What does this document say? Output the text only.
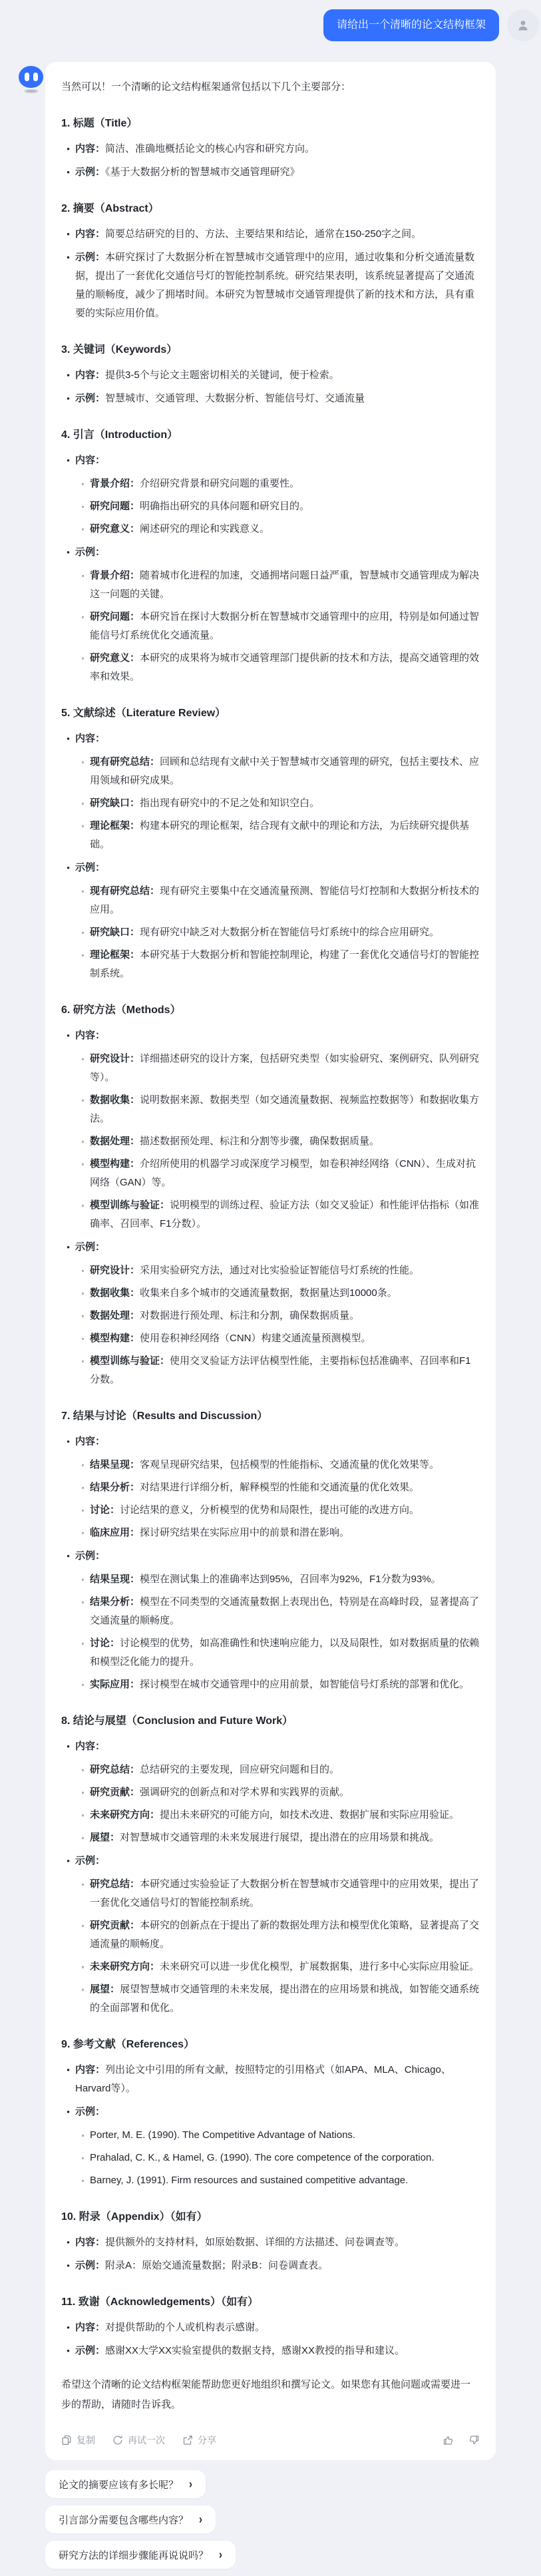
请给出一个清晰的论文结构框架
当然可以！一个清晰的论文结构框架通常包括以下几个主要部分：
1. 标题（Title）
• 内容：简洁、准确地概括论文的核心内容和研究方向。
• 示例：《基于大数据分析的智慧城市交通管理研究》
2. 摘要（Abstract）
• 内容：简要总结研究的目的、方法、主要结果和结论，通常在150-250字之间。
• 示例：本研究探讨了大数据分析在智慧城市交通管理中的应用，通过收集和分析交通流量数据，提出了一套优化交通信号灯的智能控制系统。研究结果表明，该系统显著提高了交通流量的顺畅度，减少了拥堵时间。本研究为智慧城市交通管理提供了新的技术和方法，具有重要的实际应用价值。
3. 关键词（Keywords）
• 内容：提供3-5个与论文主题密切相关的关键词，便于检索。
• 示例：智慧城市、交通管理、大数据分析、智能信号灯、交通流量
4. 引言（Introduction）
• 内容：
◦ 背景介绍：介绍研究背景和研究问题的重要性。
◦ 研究问题：明确指出研究的具体问题和研究目的。
◦ 研究意义：阐述研究的理论和实践意义。
• 示例：
◦ 背景介绍：随着城市化进程的加速，交通拥堵问题日益严重，智慧城市交通管理成为解决这一问题的关键。
◦ 研究问题：本研究旨在探讨大数据分析在智慧城市交通管理中的应用，特别是如何通过智能信号灯系统优化交通流量。
◦ 研究意义：本研究的成果将为城市交通管理部门提供新的技术和方法，提高交通管理的效率和效果。
5. 文献综述（Literature Review）
• 内容：
◦ 现有研究总结：回顾和总结现有文献中关于智慧城市交通管理的研究，包括主要技术、应用领域和研究成果。
◦ 研究缺口：指出现有研究中的不足之处和知识空白。
◦ 理论框架：构建本研究的理论框架，结合现有文献中的理论和方法，为后续研究提供基础。
• 示例：
◦ 现有研究总结：现有研究主要集中在交通流量预测、智能信号灯控制和大数据分析技术的应用。
◦ 研究缺口：现有研究中缺乏对大数据分析在智能信号灯系统中的综合应用研究。
◦ 理论框架：本研究基于大数据分析和智能控制理论，构建了一套优化交通信号灯的智能控制系统。
6. 研究方法（Methods）
• 内容：
◦ 研究设计：详细描述研究的设计方案，包括研究类型（如实验研究、案例研究、队列研究等）。
◦ 数据收集：说明数据来源、数据类型（如交通流量数据、视频监控数据等）和数据收集方法。
◦ 数据处理：描述数据预处理、标注和分割等步骤，确保数据质量。
◦ 模型构建：介绍所使用的机器学习或深度学习模型，如卷积神经网络（CNN）、生成对抗网络（GAN）等。
◦ 模型训练与验证：说明模型的训练过程、验证方法（如交叉验证）和性能评估指标（如准确率、召回率、F1分数）。
• 示例：
◦ 研究设计：采用实验研究方法，通过对比实验验证智能信号灯系统的性能。
◦ 数据收集：收集来自多个城市的交通流量数据，数据量达到10000条。
◦ 数据处理：对数据进行预处理、标注和分割，确保数据质量。
◦ 模型构建：使用卷积神经网络（CNN）构建交通流量预测模型。
◦ 模型训练与验证：使用交叉验证方法评估模型性能，主要指标包括准确率、召回率和F1分数。
7. 结果与讨论（Results and Discussion）
• 内容：
◦ 结果呈现：客观呈现研究结果，包括模型的性能指标、交通流量的优化效果等。
◦ 结果分析：对结果进行详细分析，解释模型的性能和交通流量的优化效果。
◦ 讨论：讨论结果的意义，分析模型的优势和局限性，提出可能的改进方向。
◦ 临床应用：探讨研究结果在实际应用中的前景和潜在影响。
• 示例：
◦ 结果呈现：模型在测试集上的准确率达到95%，召回率为92%，F1分数为93%。
◦ 结果分析：模型在不同类型的交通流量数据上表现出色，特别是在高峰时段，显著提高了交通流量的顺畅度。
◦ 讨论：讨论模型的优势，如高准确性和快速响应能力，以及局限性，如对数据质量的依赖和模型泛化能力的提升。
◦ 实际应用：探讨模型在城市交通管理中的应用前景，如智能信号灯系统的部署和优化。
8. 结论与展望（Conclusion and Future Work）
• 内容：
◦ 研究总结：总结研究的主要发现，回应研究问题和目的。
◦ 研究贡献：强调研究的创新点和对学术界和实践界的贡献。
◦ 未来研究方向：提出未来研究的可能方向，如技术改进、数据扩展和实际应用验证。
◦ 展望：对智慧城市交通管理的未来发展进行展望，提出潜在的应用场景和挑战。
• 示例：
◦ 研究总结：本研究通过实验验证了大数据分析在智慧城市交通管理中的应用效果，提出了一套优化交通信号灯的智能控制系统。
◦ 研究贡献：本研究的创新点在于提出了新的数据处理方法和模型优化策略，显著提高了交通流量的顺畅度。
◦ 未来研究方向：未来研究可以进一步优化模型，扩展数据集，进行多中心实际应用验证。
◦ 展望：展望智慧城市交通管理的未来发展，提出潜在的应用场景和挑战，如智能交通系统的全面部署和优化。
9. 参考文献（References）
• 内容：列出论文中引用的所有文献，按照特定的引用格式（如APA、MLA、Chicago、Harvard等）。
• 示例：
◦ Porter, M. E. (1990). The Competitive Advantage of Nations.
◦ Prahalad, C. K., & Hamel, G. (1990). The core competence of the corporation.
◦ Barney, J. (1991). Firm resources and sustained competitive advantage.
10. 附录（Appendix）（如有）
• 内容：提供额外的支持材料，如原始数据、详细的方法描述、问卷调查等。
• 示例：附录A：原始交通流量数据；附录B：问卷调查表。
11. 致谢（Acknowledgements）（如有）
• 内容：对提供帮助的个人或机构表示感谢。
• 示例：感谢XX大学XX实验室提供的数据支持，感谢XX教授的指导和建议。
希望这个清晰的论文结构框架能帮助您更好地组织和撰写论文。如果您有其他问题或需要进一步的帮助，请随时告诉我。
复制	再试一次	分享
论文的摘要应该有多长呢？ ›
引言部分需要包含哪些内容？ ›
研究方法的详细步骤能再说说吗？ ›
